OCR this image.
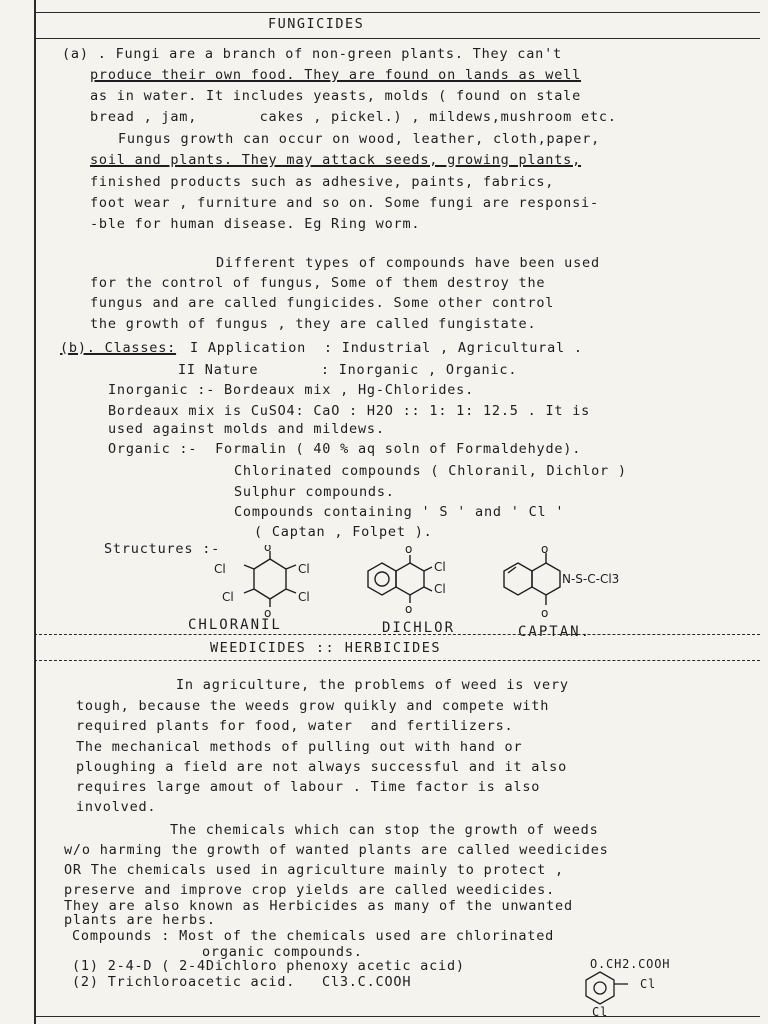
FUNGICIDES
(a) . Fungi are a branch of non-green plants. They can't
produce their own food. They are found on lands as well
as in water. It includes yeasts, molds ( found on stale
bread , jam,       cakes , pickel.) , mildews,mushroom etc.
Fungus growth can occur on wood, leather, cloth,paper,
soil and plants. They may attack seeds, growing plants,
finished products such as adhesive, paints, fabrics,
foot wear , furniture and so on. Some fungi are responsi-
-ble for human disease. Eg Ring worm.
Different types of compounds have been used
for the control of fungus, Some of them destroy the
fungus and are called fungicides. Some other control
the growth of fungus , they are called fungistate.
(b). Classes: I Application  : Industrial , Agricultural .
II Nature       : Inorganic , Organic.
Inorganic :- Bordeaux mix , Hg-Chlorides.
Bordeaux mix is CuSO4: CaO : H2O :: 1: 1: 12.5 . It is
used against molds and mildews.
Organic :-  Formalin ( 40 % aq soln of Formaldehyde).
Chlorinated compounds ( Chloranil, Dichlor )
Sulphur compounds.
Compounds containing ' S ' and ' Cl '
( Captan , Folpet ).
Structures :-	o
o
Cl	Cl
Cl	Cl
o
o
Cl
Cl
o
o
N-S-C-Cl3
CHLORANIL	DICHLOR	CAPTAN.
WEEDICIDES :: HERBICIDES
In agriculture, the problems of weed is very
tough, because the weeds grow quikly and compete with
required plants for food, water  and fertilizers.
The mechanical methods of pulling out with hand or
ploughing a field are not always successful and it also
requires large amout of labour . Time factor is also
involved.
The chemicals which can stop the growth of weeds
w/o harming the growth of wanted plants are called weedicides
OR The chemicals used in agriculture mainly to protect ,
preserve and improve crop yields are called weedicides.
They are also known as Herbicides as many of the unwanted
plants are herbs.
Compounds : Most of the chemicals used are chlorinated
organic compounds.
(1) 2-4-D ( 2-4Dichloro phenoxy acetic acid)
(2) Trichloroacetic acid.   Cl3.C.COOH
O.CH2.COOH
Cl
Cl
